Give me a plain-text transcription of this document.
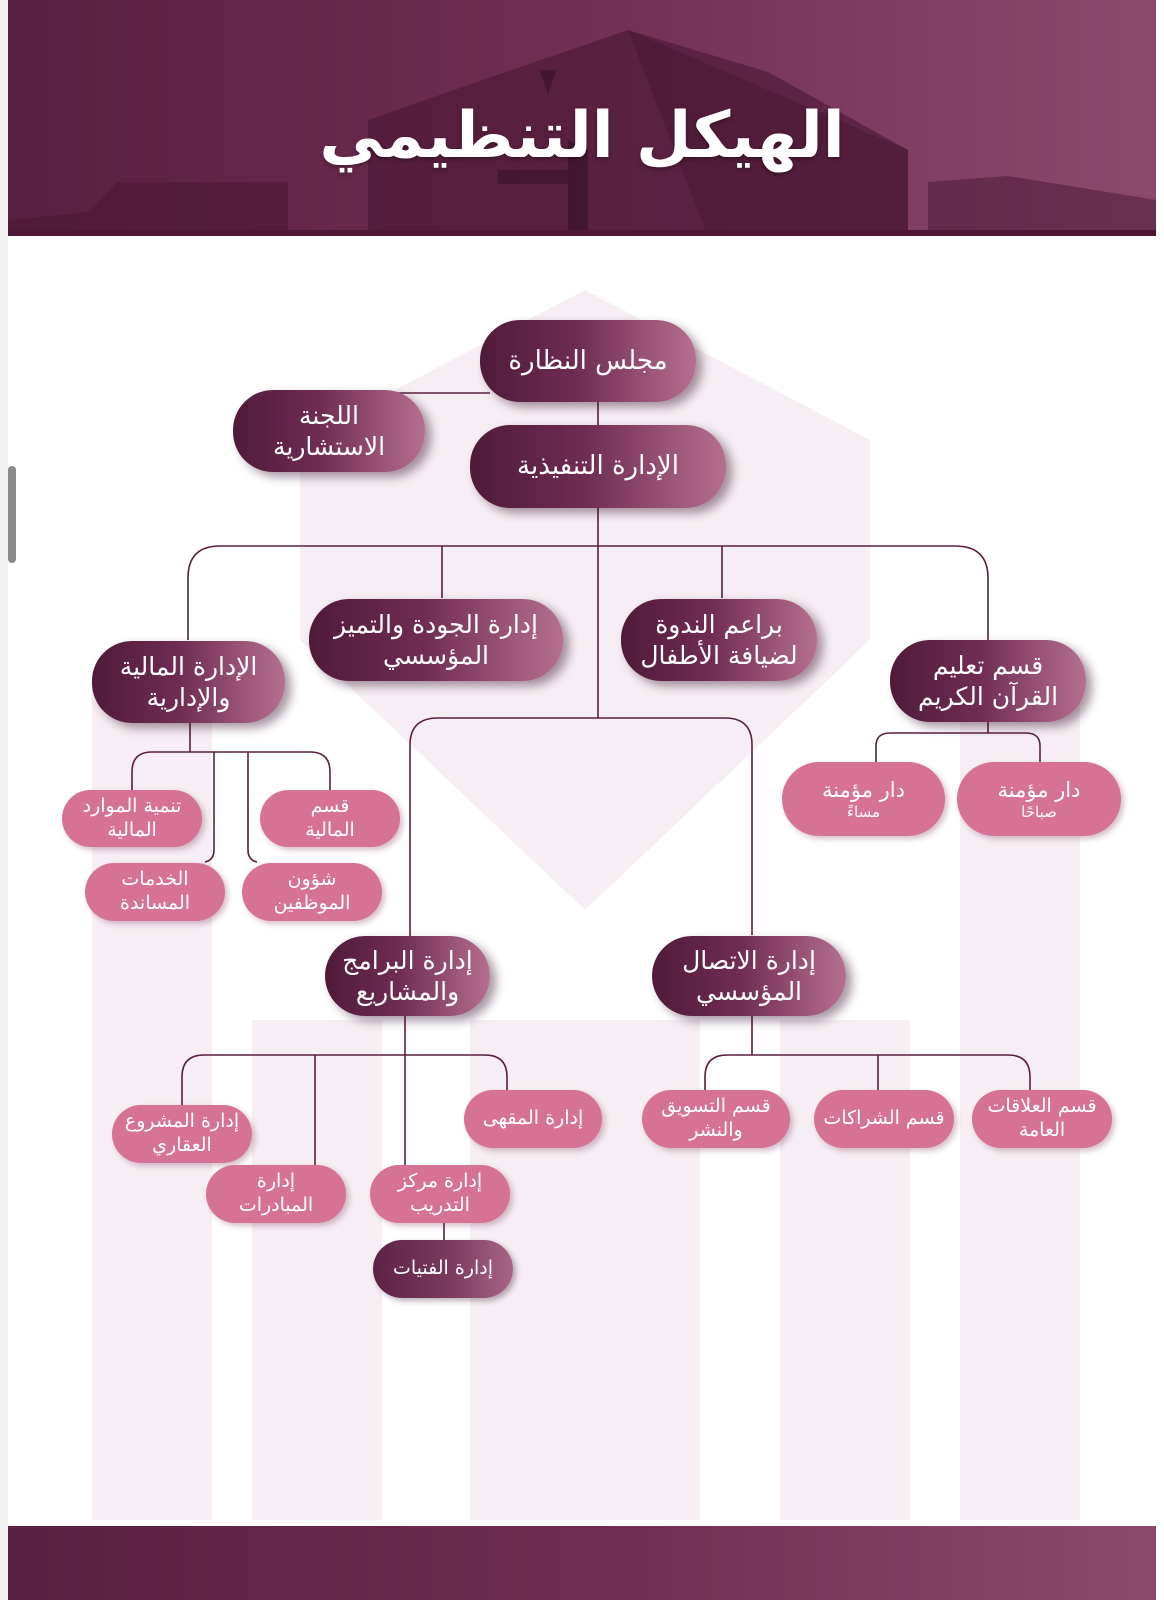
الهيكل التنظيمي
مجلس النظارة
اللجنة
الاستشارية
الإدارة التنفيذية
الإدارة المالية
والإدارية
إدارة الجودة والتميز
المؤسسي
براعم الندوة
لضيافة الأطفال	قسم تعليم
القرآن الكريم
دار مؤمنة
صباحًا
دار مؤمنة
مساءً
تنمية الموارد
المالية
قسم
المالية
الخدمات
المساندة
شؤون
الموظفين
إدارة البرامج
والمشاريع
إدارة الاتصال
المؤسسي
إدارة المشروع
العقاري
إدارة المقهى
إدارة
المبادرات
إدارة مركز
التدريب
إدارة الفتيات
قسم التسويق
والنشر
قسم الشراكات
قسم العلاقات
العامة
